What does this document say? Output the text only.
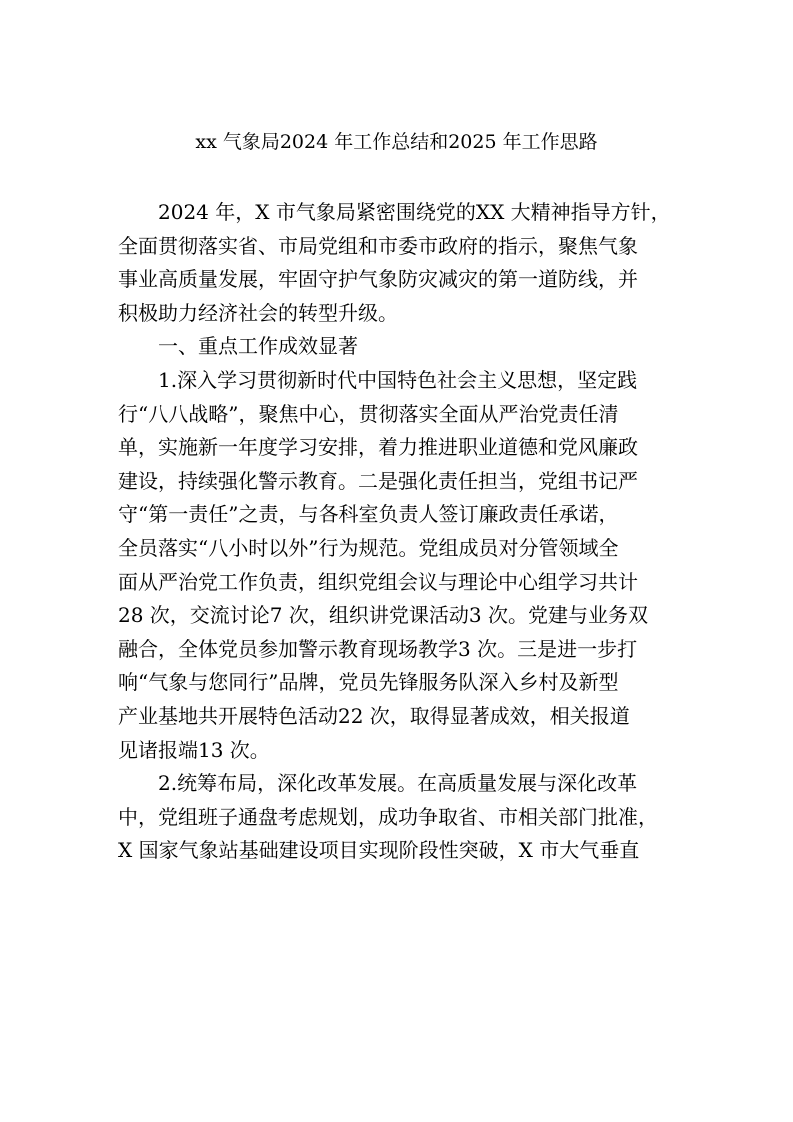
xx 气象局2024 年工作总结和2025 年工作思路
2024 年，X 市气象局紧密围绕党的XX 大精神指导方针，
全面贯彻落实省、市局党组和市委市政府的指示，聚焦气象
事业高质量发展，牢固守护气象防灾减灾的第一道防线，并
积极助力经济社会的转型升级。
一、重点工作成效显著
1.深入学习贯彻新时代中国特色社会主义思想，坚定践
行“八八战略”，聚焦中心，贯彻落实全面从严治党责任清
单，实施新一年度学习安排，着力推进职业道德和党风廉政
建设，持续强化警示教育。二是强化责任担当，党组书记严
守“第一责任”之责，与各科室负责人签订廉政责任承诺，
全员落实“八小时以外”行为规范。党组成员对分管领域全
面从严治党工作负责，组织党组会议与理论中心组学习共计
28 次，交流讨论7 次，组织讲党课活动3 次。党建与业务双
融合，全体党员参加警示教育现场教学3 次。三是进一步打
响“气象与您同行”品牌，党员先锋服务队深入乡村及新型
产业基地共开展特色活动22 次，取得显著成效，相关报道
见诸报端13 次。
2.统筹布局，深化改革发展。在高质量发展与深化改革
中，党组班子通盘考虑规划，成功争取省、市相关部门批准，
X 国家气象站基础建设项目实现阶段性突破，X 市大气垂直
